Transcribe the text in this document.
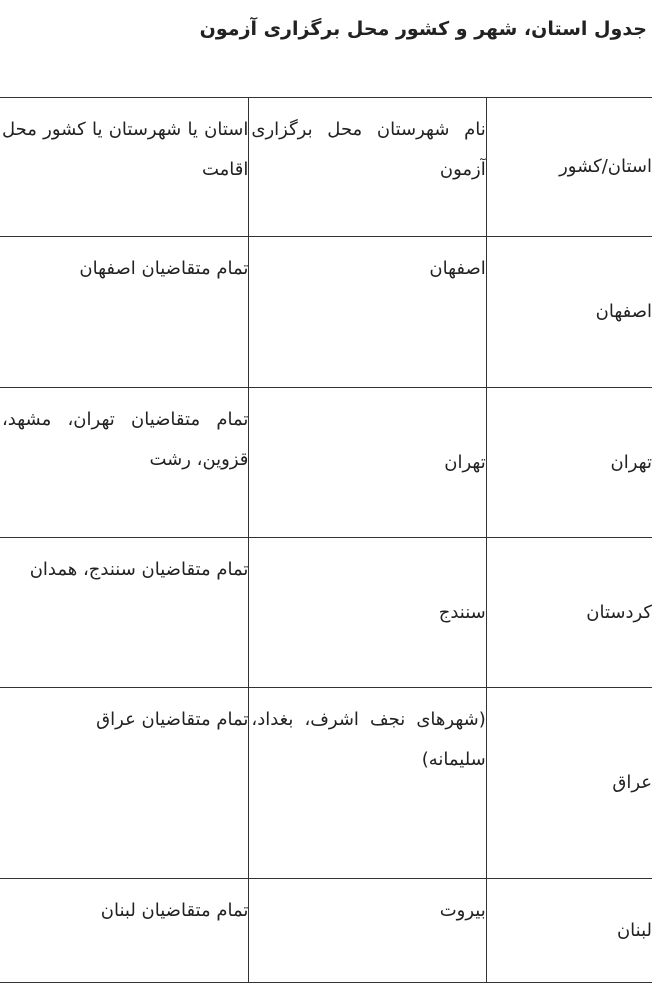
جدول استان، شهر و کشور محل برگزاری آزمون
استان/کشور	نام شهرستان محل برگزاری آزمون	استان یا شهرستان یا کشور محل اقامت

اصفهان	اصفهان	تمام متقاضیان اصفهان

تهران	تهران	تمام متقاضیان تهران، مشهد، قزوین، رشت

کردستان	سنندج	تمام متقاضیان سنندج، همدان

عراق	(شهرهای نجف اشرف، بغداد، سلیمانه)	تمام متقاضیان عراق

لبنان	بیروت	تمام متقاضیان لبنان
